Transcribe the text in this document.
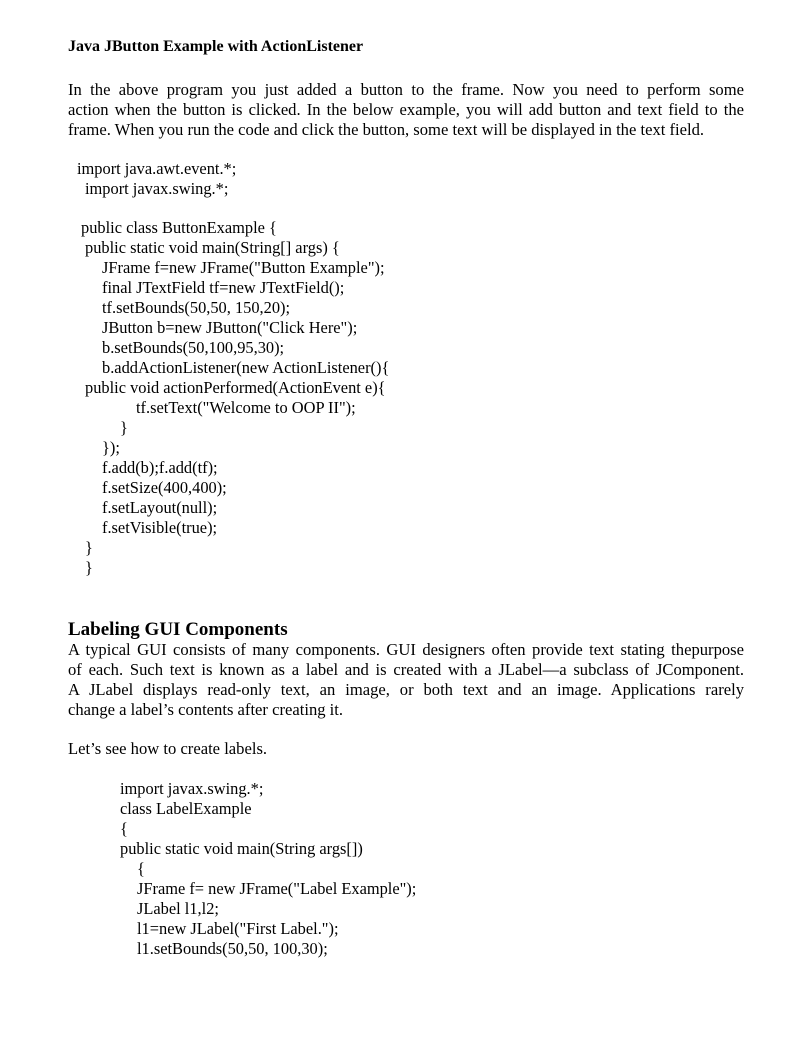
Java JButton Example with ActionListener
In the above program you just added a button to the frame. Now you need to perform some
action when the button is clicked. In the below example, you will add button and text field to the
frame. When you run the code and click the button, some text will be displayed in the text field.
import java.awt.event.*;
import javax.swing.*;
public class ButtonExample {
public static void main(String[] args) {
JFrame f=new JFrame("Button Example");
final JTextField tf=new JTextField();
tf.setBounds(50,50, 150,20);
JButton b=new JButton("Click Here");
b.setBounds(50,100,95,30);
b.addActionListener(new ActionListener(){
public void actionPerformed(ActionEvent e){
tf.setText("Welcome to OOP II");
}
});
f.add(b);f.add(tf);
f.setSize(400,400);
f.setLayout(null);
f.setVisible(true);
}
}
Labeling GUI Components
A typical GUI consists of many components. GUI designers often provide text stating thepurpose
of each. Such text is known as a label and is created with a JLabel—a subclass of JComponent.
A JLabel displays read-only text, an image, or both text and an image. Applications rarely
change a label’s contents after creating it.

Let’s see how to create labels.

import javax.swing.*;
class LabelExample
{
public static void main(String args[])
{
JFrame f= new JFrame("Label Example");
JLabel l1,l2;
l1=new JLabel("First Label.");
l1.setBounds(50,50, 100,30);
